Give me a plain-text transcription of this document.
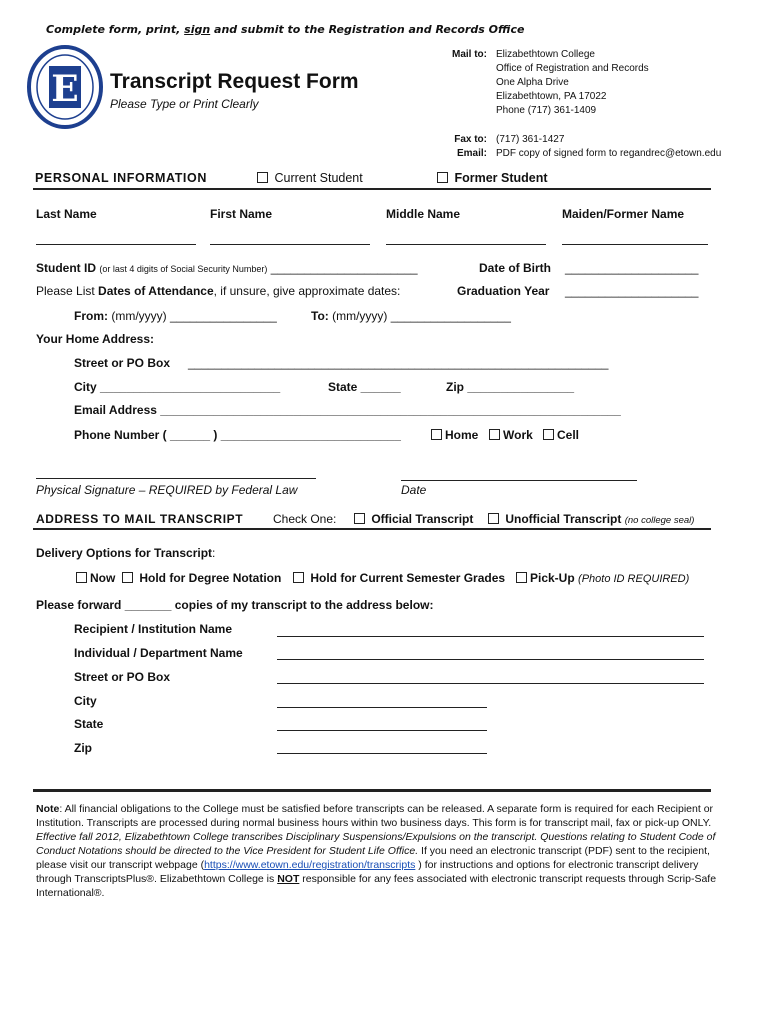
Complete form, print, sign and submit to the Registration and Records Office
E Transcript Request Form
Please Type or Print Clearly
Mail to: Elizabethtown College
Office of Registration and Records
One Alpha Drive
Elizabethtown, PA 17022
Phone (717) 361-1409
Fax to: (717) 361-1427
Email: PDF copy of signed form to regandrec@etown.edu
PERSONAL INFORMATION	Current Student	Former Student
Last Name	First Name	Middle Name	Maiden/Former Name
Student ID (or last 4 digits of Social Security Number) ______________________	Date of Birth ____________________
Please List Dates of Attendance, if unsure, give approximate dates:	Graduation Year ____________________
From: (mm/yyyy) ________________	To: (mm/yyyy) __________________
Your Home Address:
Street or PO Box _______________________________________________________________
City ___________________________	State ______	Zip ________________
Email Address _____________________________________________________________________
Phone Number ( ______ ) ___________________________	Home	Work	Cell
Physical Signature – REQUIRED by Federal Law	Date
ADDRESS TO MAIL TRANSCRIPT Check One:	Official Transcript	Unofficial Transcript (no college seal)
Delivery Options for Transcript:
Now	Hold for Degree Notation	Hold for Current Semester Grades	Pick-Up (Photo ID REQUIRED)
Please forward _______ copies of my transcript to the address below:
Recipient / Institution Name
Individual / Department Name
Street or PO Box
City
State
Zip
Note: All financial obligations to the College must be satisfied before transcripts can be released. A separate form is required for each Recipient or Institution. Transcripts are processed during normal business hours within two business days. This form is for transcript mail, fax or pick-up ONLY. Effective fall 2012, Elizabethtown College transcribes Disciplinary Suspensions/Expulsions on the transcript. Questions relating to Student Code of Conduct Notations should be directed to the Vice President for Student Life Office. If you need an electronic transcript (PDF) sent to the recipient, please visit our transcript webpage (https://www.etown.edu/registration/transcripts ) for instructions and options for electronic transcript delivery through TranscriptsPlus®. Elizabethtown College is NOT responsible for any fees associated with electronic transcript requests through Scrip-Safe International®.
